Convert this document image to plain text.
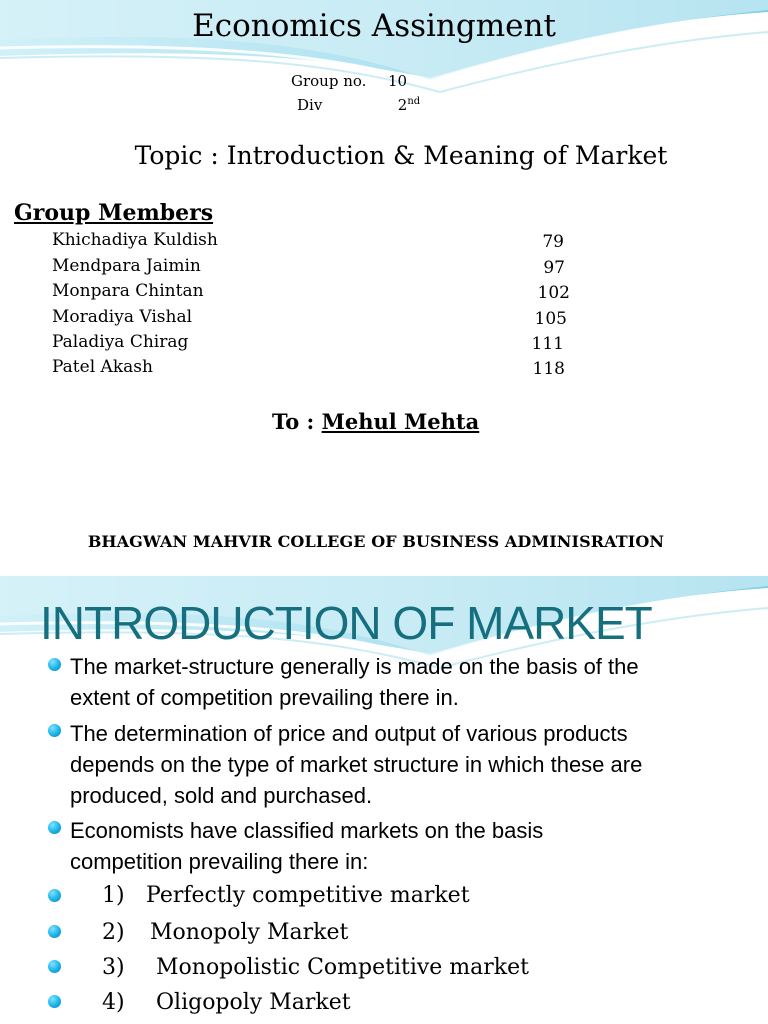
Economics Assingment

Group no. 10
Div	2nd

Topic : Introduction & Meaning of Market

Group Members

Khichadiya Kuldish	79
Mendpara Jaimin	97
Monpara Chintan	102
Moradiya Vishal	105
Paladiya Chirag	111
Patel Akash	118

To : Mehul Mehta

BHAGWAN MAHVIR COLLEGE OF BUSINESS ADMINISRATION

INTRODUCTION OF MARKET

The market-structure generally is made on the basis of the
extent of competition prevailing there in.
The determination of price and output of various products
depends on the type of market structure in which these are
produced, sold and purchased.
Economists have classified markets on the basis
competition prevailing there in:
1) Perfectly competitive market
2) Monopoly Market
3) Monopolistic Competitive market
4) Oligopoly Market
